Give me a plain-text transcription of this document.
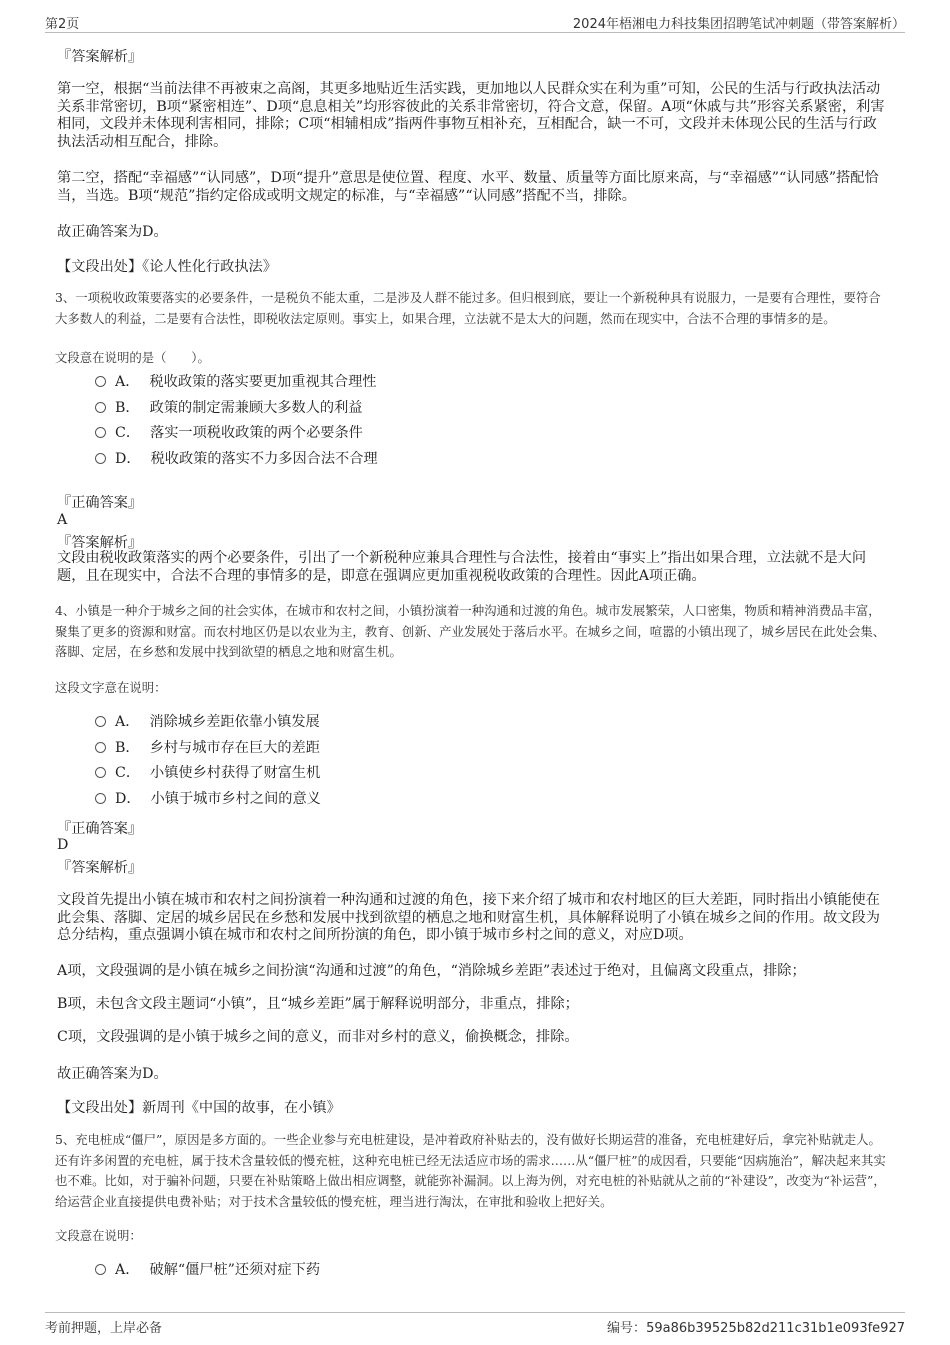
第2页	2024年梧湘电力科技集团招聘笔试冲刺题（带答案解析）
『答案解析』
第一空，根据“当前法律不再被束之高阁，其更多地贴近生活实践，更加地以人民群众实在利为重”可知，公民的生活与行政执法活动关系非常密切，B项“紧密相连”、D项“息息相关”均形容彼此的关系非常密切，符合文意，保留。A项“休戚与共”形容关系紧密，利害相同，文段并未体现利害相同，排除；C项“相辅相成”指两件事物互相补充，互相配合，缺一不可，文段并未体现公民的生活与行政执法活动相互配合，排除。
第二空，搭配“幸福感”“认同感”，D项“提升”意思是使位置、程度、水平、数量、质量等方面比原来高，与“幸福感”“认同感”搭配恰当，当选。B项“规范”指约定俗成或明文规定的标准，与“幸福感”“认同感”搭配不当，排除。
故正确答案为D。
【文段出处】《论人性化行政执法》
3、一项税收政策要落实的必要条件，一是税负不能太重，二是涉及人群不能过多。但归根到底，要让一个新税种具有说服力，一是要有合理性，要符合大多数人的利益，二是要有合法性，即税收法定原则。事实上，如果合理，立法就不是太大的问题，然而在现实中，合法不合理的事情多的是。
文段意在说明的是（　　）。
A． 税收政策的落实要更加重视其合理性
B． 政策的制定需兼顾大多数人的利益
C． 落实一项税收政策的两个必要条件
D． 税收政策的落实不力多因合法不合理
『正确答案』
A
『答案解析』
文段由税收政策落实的两个必要条件，引出了一个新税种应兼具合理性与合法性，接着由“事实上”指出如果合理，立法就不是大问题，且在现实中，合法不合理的事情多的是，即意在强调应更加重视税收政策的合理性。因此A项正确。
4、小镇是一种介于城乡之间的社会实体，在城市和农村之间，小镇扮演着一种沟通和过渡的角色。城市发展繁荣，人口密集，物质和精神消费品丰富，聚集了更多的资源和财富。而农村地区仍是以农业为主，教育、创新、产业发展处于落后水平。在城乡之间，喧嚣的小镇出现了，城乡居民在此处会集、落脚、定居，在乡愁和发展中找到欲望的栖息之地和财富生机。
这段文字意在说明：
A． 消除城乡差距依靠小镇发展
B． 乡村与城市存在巨大的差距
C． 小镇使乡村获得了财富生机
D． 小镇于城市乡村之间的意义
『正确答案』
D
『答案解析』
文段首先提出小镇在城市和农村之间扮演着一种沟通和过渡的角色，接下来介绍了城市和农村地区的巨大差距，同时指出小镇能使在此会集、落脚、定居的城乡居民在乡愁和发展中找到欲望的栖息之地和财富生机，具体解释说明了小镇在城乡之间的作用。故文段为总分结构，重点强调小镇在城市和农村之间所扮演的角色，即小镇于城市乡村之间的意义，对应D项。
A项，文段强调的是小镇在城乡之间扮演“沟通和过渡”的角色，“消除城乡差距”表述过于绝对，且偏离文段重点，排除；
B项，未包含文段主题词“小镇”，且“城乡差距”属于解释说明部分，非重点，排除；
C项，文段强调的是小镇于城乡之间的意义，而非对乡村的意义，偷换概念，排除。
故正确答案为D。
【文段出处】新周刊《中国的故事，在小镇》
5、充电桩成“僵尸”，原因是多方面的。一些企业参与充电桩建设，是冲着政府补贴去的，没有做好长期运营的准备，充电桩建好后，拿完补贴就走人。还有许多闲置的充电桩，属于技术含量较低的慢充桩，这种充电桩已经无法适应市场的需求……从“僵尸桩”的成因看，只要能“因病施治”，解决起来其实也不难。比如，对于骗补问题，只要在补贴策略上做出相应调整，就能弥补漏洞。以上海为例，对充电桩的补贴就从之前的“补建设”，改变为“补运营”，给运营企业直接提供电费补贴；对于技术含量较低的慢充桩，理当进行淘汰，在审批和验收上把好关。
文段意在说明：
A． 破解“僵尸桩”还须对症下药
考前押题，上岸必备	编号：59a86b39525b82d211c31b1e093fe927
